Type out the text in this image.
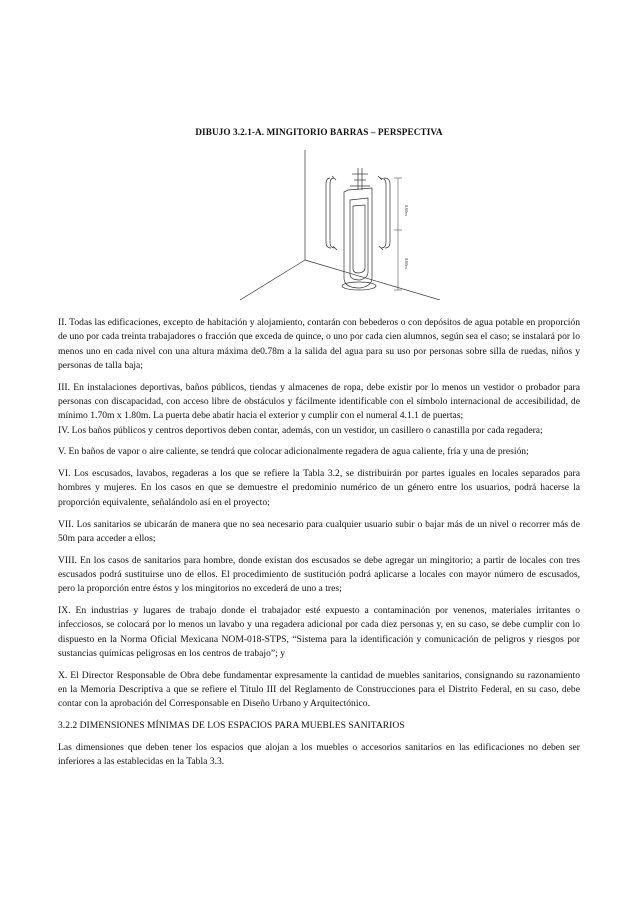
DIBUJO 3.2.1-A. MINGITORIO BARRAS – PERSPECTIVA
0.60m
0.60m

II. Todas las edificaciones, excepto de habitación y alojamiento, contarán con bebederos o con depósitos de agua potable en proporción de uno por cada treinta trabajadores o fracción que exceda de quince, o uno por cada cien alumnos, según sea el caso; se instalará por lo menos uno en cada nivel con una altura máxima de0.78m a la salida del agua para su uso por personas sobre silla de ruedas, niños y personas de talla baja;

III. En instalaciones deportivas, baños públicos, tiendas y almacenes de ropa, debe existir por lo menos un vestidor o probador para personas con discapacidad, con acceso libre de obstáculos y fácilmente identificable con el símbolo internacional de accesibilidad, de mínimo 1.70m x 1.80m. La puerta debe abatir hacia el exterior y cumplir con el numeral 4.1.1 de puertas;

IV. Los baños públicos y centros deportivos deben contar, además, con un vestidor, un casillero o canastilla por cada regadera;

V. En baños de vapor o aire caliente, se tendrá que colocar adicionalmente regadera de agua caliente, fría y una de presión;

VI. Los escusados, lavabos, regaderas a los que se refiere la Tabla 3.2, se distribuirán por partes iguales en locales separados para hombres y mujeres. En los casos en que se demuestre el predominio numérico de un género entre los usuarios, podrá hacerse la proporción equivalente, señalándolo así en el proyecto;

VII. Los sanitarios se ubicarán de manera que no sea necesario para cualquier usuario subir o bajar más de un nivel o recorrer más de 50m para acceder a ellos;

VIII. En los casos de sanitarios para hombre, donde existan dos escusados se debe agregar un mingitorio; a partir de locales con tres escusados podrá sustituirse uno de ellos. El procedimiento de sustitución podrá aplicarse a locales con mayor número de escusados, pero la proporción entre éstos y los mingitorios no excederá de uno a tres;

IX. En industrias y lugares de trabajo donde el trabajador esté expuesto a contaminación por venenos, materiales irritantes o infecciosos, se colocará por lo menos un lavabo y una regadera adicional por cada diez personas y, en su caso, se debe cumplir con lo dispuesto en la Norma Oficial Mexicana NOM-018-STPS, “Sistema para la identificación y comunicación de peligros y riesgos por sustancias químicas peligrosas en los centros de trabajo”; y

X. El Director Responsable de Obra debe fundamentar expresamente la cantidad de muebles sanitarios, consignando su razonamiento en la Memoria Descriptiva a que se refiere el Título III del Reglamento de Construcciones para el Distrito Federal, en su caso, debe contar con la aprobación del Corresponsable en Diseño Urbano y Arquitectónico.

3.2.2 DIMENSIONES MÍNIMAS DE LOS ESPACIOS PARA MUEBLES SANITARIOS

Las dimensiones que deben tener los espacios que alojan a los muebles o accesorios sanitarios en las edificaciones no deben ser inferiores a las establecidas en la Tabla 3.3.
